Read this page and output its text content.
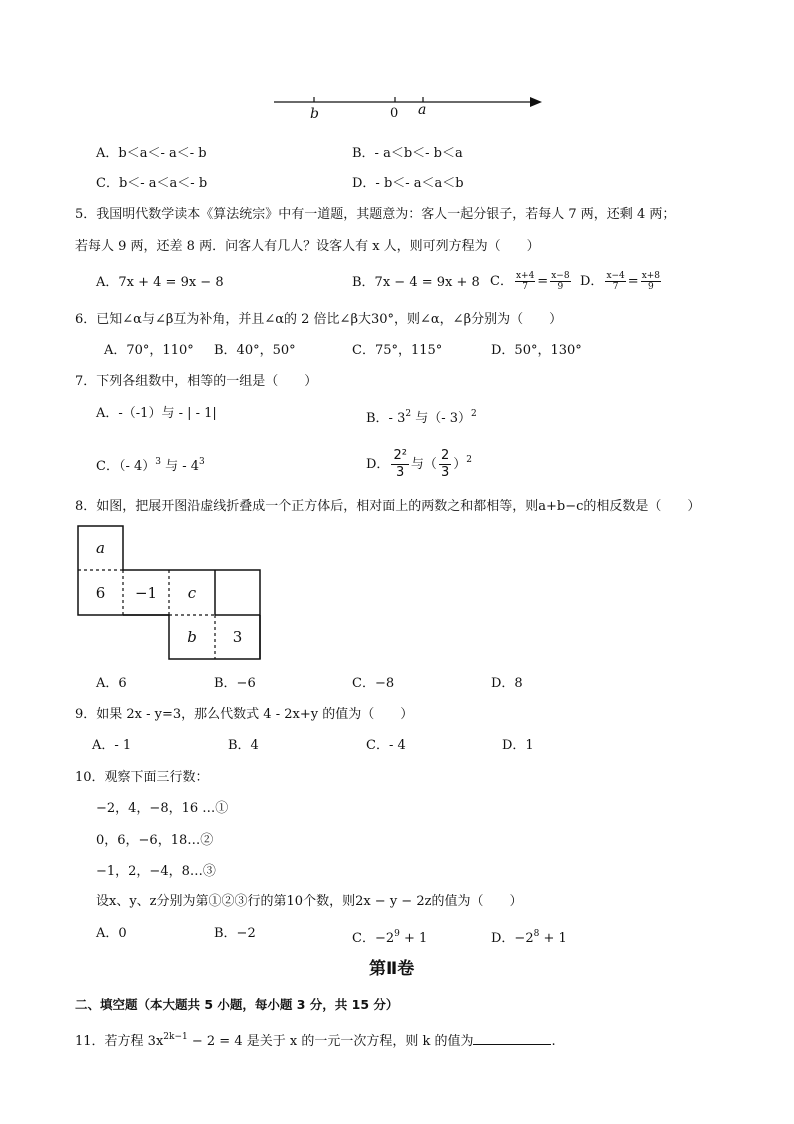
b	0 a
A．b＜a＜- a＜- b	B．- a＜b＜- b＜a
C．b＜- a＜a＜- b	D．- b＜- a＜a＜b
5．我国明代数学读本《算法统宗》中有一道题，其题意为：客人一起分银子，若每人 7 两，还剩 4 两；
若每人 9 两，还差 8 两．问客人有几人？设客人有 x 人，则可列方程为（　　）
A．7x + 4 = 9x − 8	B．7x − 4 = 9x + 8 C． $\frac{x+4}{7} = \frac{x-8}{9}$ D． $\frac{x-4}{7} = \frac{x+8}{9}$
6．已知∠α与∠β互为补角，并且∠α的 2 倍比∠β大30°，则∠α，∠β分别为（　　）
A．70°，110° B．40°，50°	C．75°，115°	D．50°，130°
7．下列各组数中，相等的一组是（　　）
A．-（-1）与 - | - 1|	B．- $3^2$ 与（- 3）$^2$
C．（- 4）$^3$ 与 - $4^3$	D． $\frac{\text{2²}}{3}$ 与（ $\frac{2}{3} )^2$
8．如图，把展开图沿虚线折叠成一个正方体后，相对面上的两数之和都相等，则a+b−c的相反数是（　　）
a
6	−1	c
b	3
A．6	B．−6	C．−8	D．8
9．如果 2x - y=3，那么代数式 4 - 2x+y 的值为（　　）
A．- 1	B．4	C．- 4	D．1
10．观察下面三行数：
−2，4，−8，16 …①
0，6，−6，18…②
−1，2，−4，8…③
设x、y、z分别为第①②③行的第10个数，则2x − y − 2z的值为（　　）
A．0	B．−2	C．$-2^9 + 1$	D．$-2^8 + 1$
第Ⅱ卷
二、填空题（本大题共 5 小题，每小题 3 分，共 15 分）
11．若方程 $3x^{2k-1} - 2 = 4$ 是关于 x 的一元一次方程，则 k 的值为	.
